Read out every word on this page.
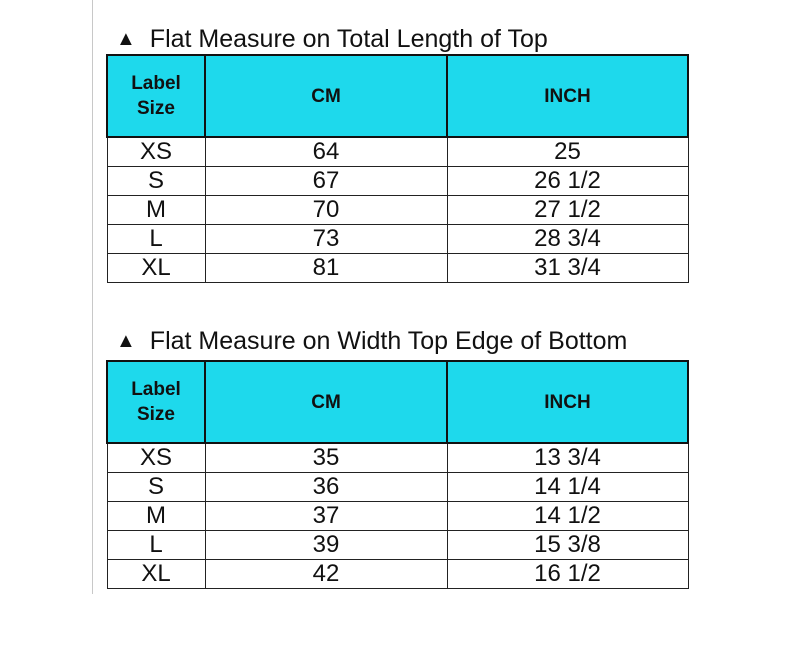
▲ Flat Measure on Total Length of Top
Label
Size	CM	INCH
XS	64	25
S	67	26 1/2
M	70	27 1/2
L	73	28 3/4
XL	81	31 3/4
▲ Flat Measure on Width Top Edge of Bottom
Label
Size	CM	INCH
XS	35	13 3/4
S	36	14 1/4
M	37	14 1/2
L	39	15 3/8
XL	42	16 1/2
